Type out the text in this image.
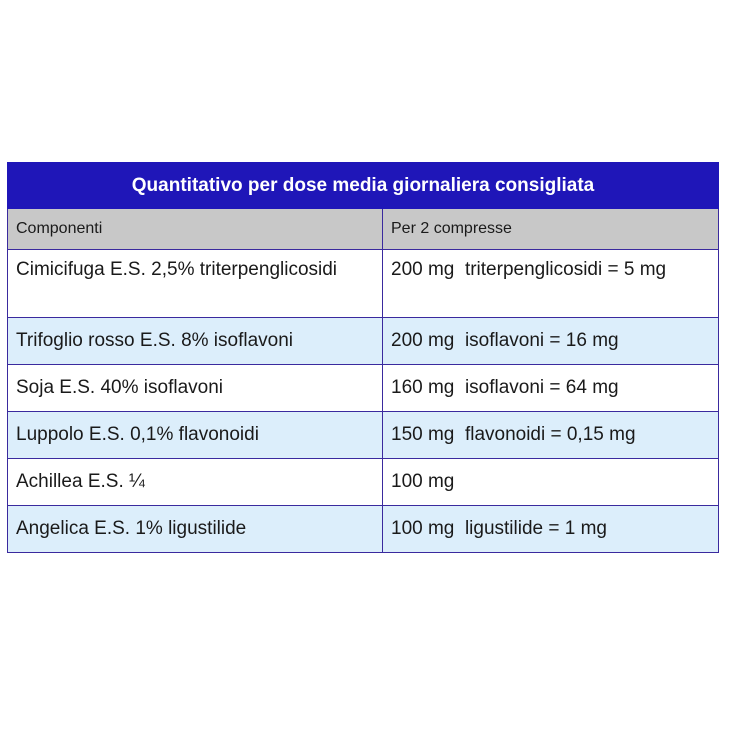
Quantitativo per dose media giornaliera consigliata	
Componenti	Per 2 compresse
Cimicifuga E.S. 2,5% triterpenglicosidi	200 mg triterpenglicosidi = 5 mg
Trifoglio rosso E.S. 8% isoflavoni	200 mg isoflavoni = 16 mg
Soja E.S. 40% isoflavoni	160 mg isoflavoni = 64 mg
Luppolo E.S. 0,1% flavonoidi	150 mg flavonoidi = 0,15 mg
Achillea E.S. ¼	100 mg
Angelica E.S. 1% ligustilide	100 mg ligustilide = 1 mg
